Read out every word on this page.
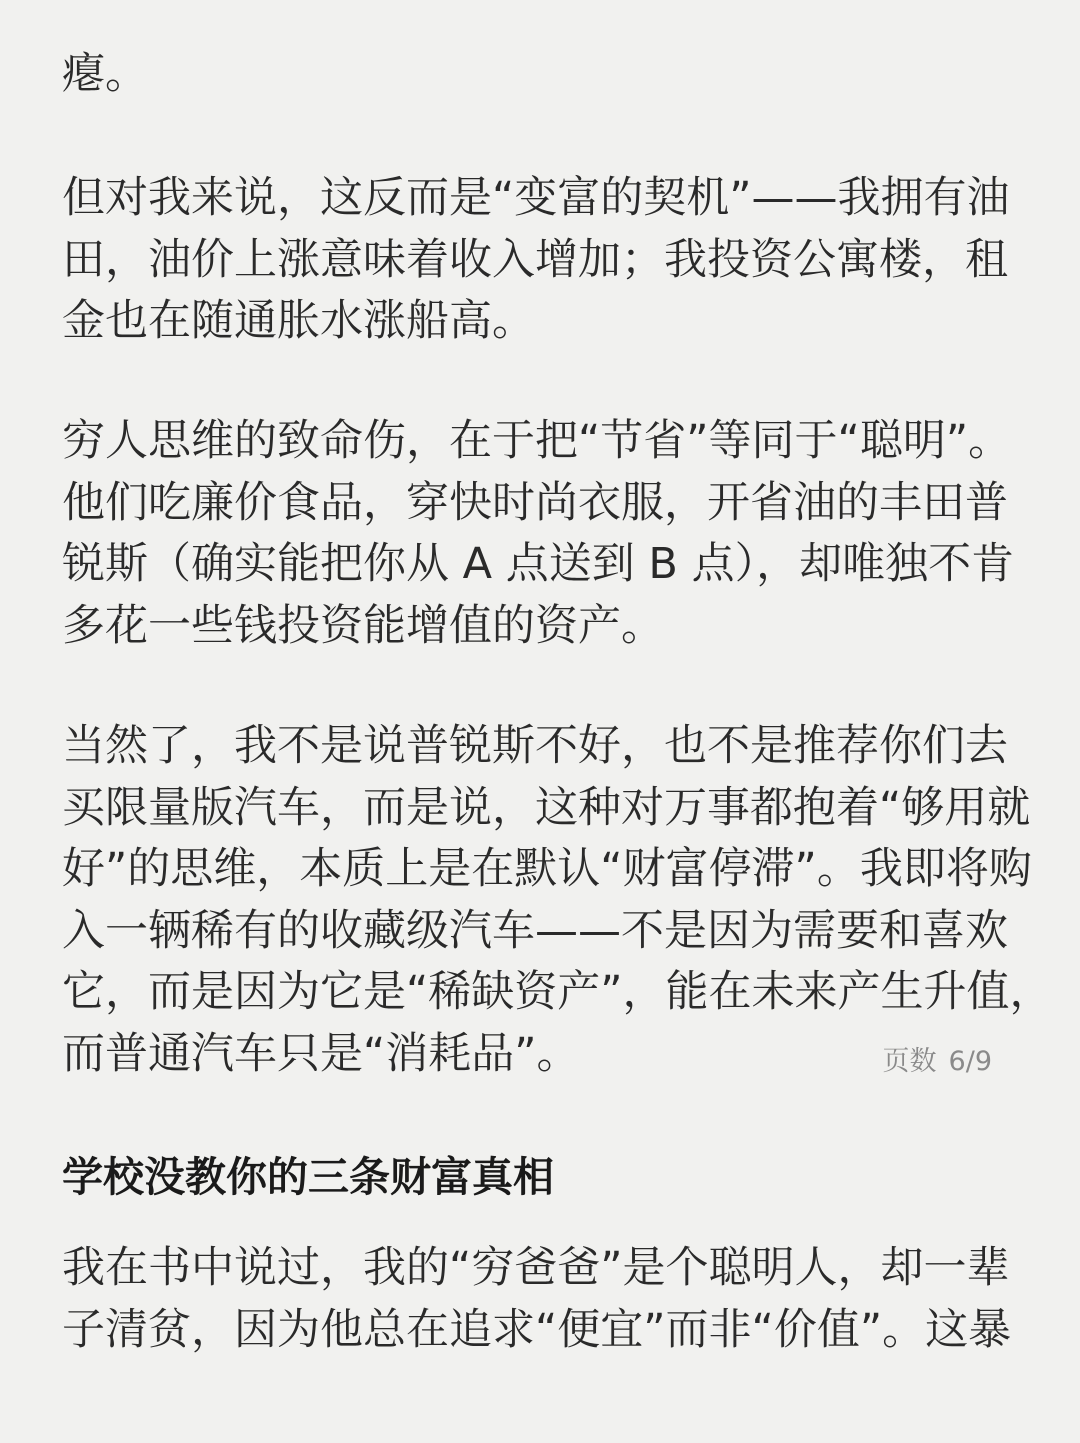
瘪。

但对我来说，这反而是“变富的契机”——我拥有油
田，油价上涨意味着收入增加；我投资公寓楼，租
金也在随通胀水涨船高。

穷人思维的致命伤，在于把“节省”等同于“聪明”。
他们吃廉价食品，穿快时尚衣服，开省油的丰田普
锐斯（确实能把你从 A 点送到 B 点），却唯独不肯
多花一些钱投资能增值的资产。

当然了，我不是说普锐斯不好，也不是推荐你们去
买限量版汽车，而是说，这种对万事都抱着“够用就
好”的思维，本质上是在默认“财富停滞”。我即将购
入一辆稀有的收藏级汽车——不是因为需要和喜欢
它，而是因为它是“稀缺资产”，能在未来产生升值，
而普通汽车只是“消耗品”。

学校没教你的三条财富真相

我在书中说过，我的“穷爸爸”是个聪明人，却一辈
子清贫，因为他总在追求“便宜”而非“价值”。这暴

页数 6/9
